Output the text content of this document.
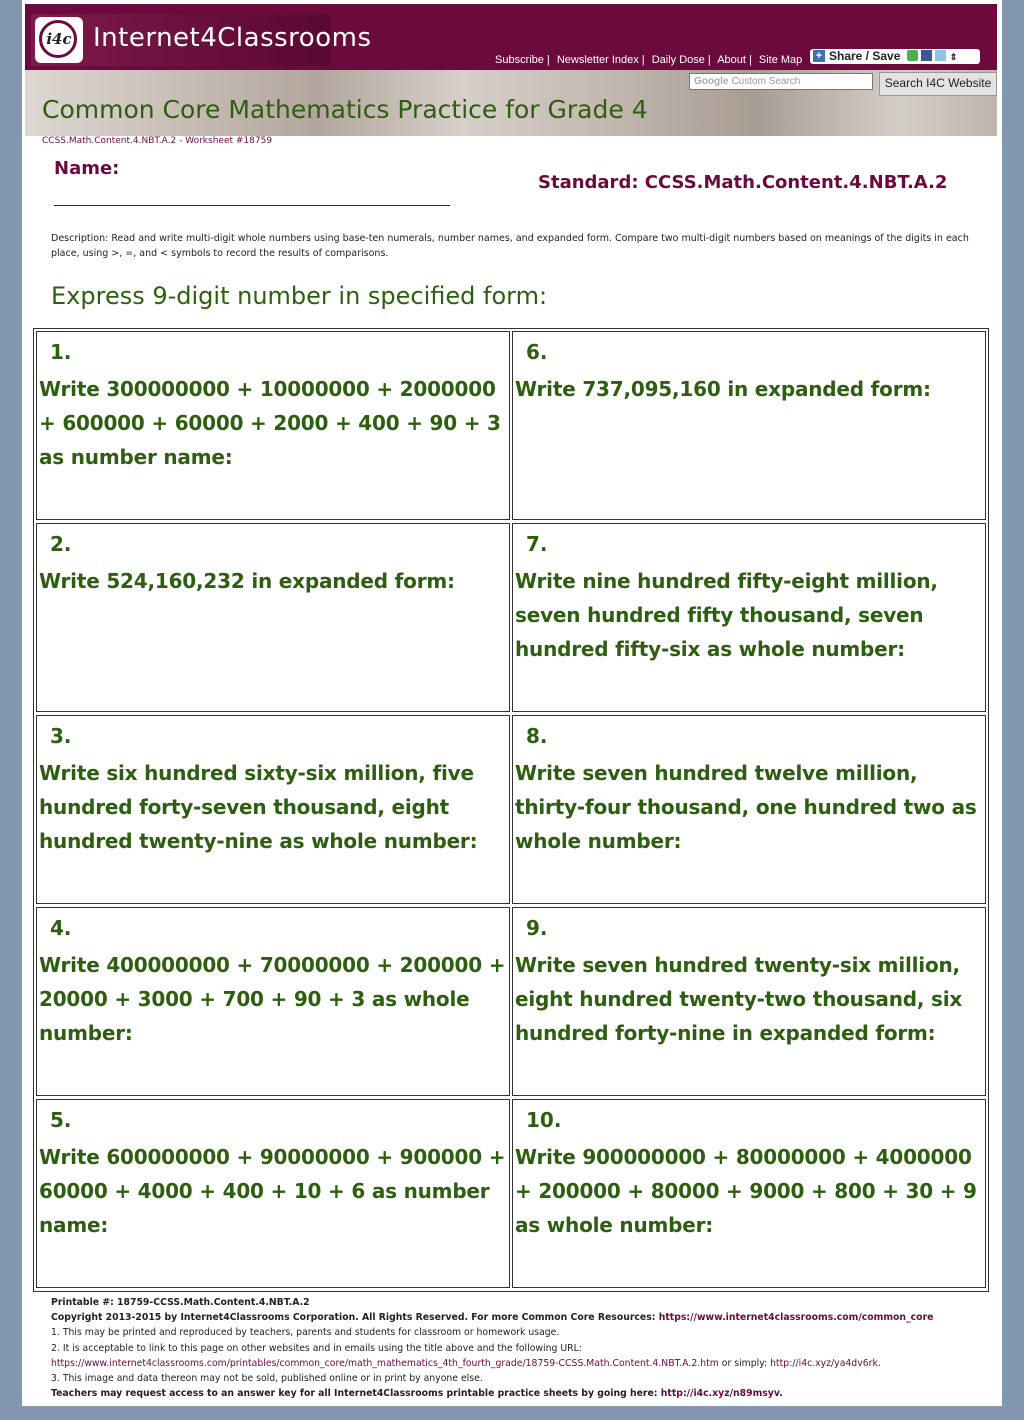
i4c Internet4Classrooms
Subscribe | Newsletter Index | Daily Dose | About | Site Map	+ Share / Save	⇕
Google Custom Search	Search I4C Website
Common Core Mathematics Practice for Grade 4
CCSS.Math.Content.4.NBT.A.2 - Worksheet #18759
Name:
Standard: CCSS.Math.Content.4.NBT.A.2
Description: Read and write multi-digit whole numbers using base-ten numerals, number names, and expanded form. Compare two multi-digit numbers based on meanings of the digits in each place, using >, =, and < symbols to record the results of comparisons.
Express 9-digit number in specified form:
1.
Write 300000000 + 10000000 + 2000000 + 600000 + 60000 + 2000 + 400 + 90 + 3 as number name:
2.
Write 524,160,232 in expanded form:
3.
Write six hundred sixty-six million, five hundred forty-seven thousand, eight hundred twenty-nine as whole number:
4.
Write 400000000 + 70000000 + 200000 + 20000 + 3000 + 700 + 90 + 3 as whole number:
5.
Write 600000000 + 90000000 + 900000 + 60000 + 4000 + 400 + 10 + 6 as number name:
6.
Write 737,095,160 in expanded form:
7.
Write nine hundred fifty-eight million, seven hundred fifty thousand, seven hundred fifty-six as whole number:
8.
Write seven hundred twelve million, thirty-four thousand, one hundred two as whole number:
9.
Write seven hundred twenty-six million, eight hundred twenty-two thousand, six hundred forty-nine in expanded form:
10.
Write 900000000 + 80000000 + 4000000 + 200000 + 80000 + 9000 + 800 + 30 + 9 as whole number:
Printable #: 18759-CCSS.Math.Content.4.NBT.A.2
Copyright 2013-2015 by Internet4Classrooms Corporation. All Rights Reserved. For more Common Core Resources: https://www.internet4classrooms.com/common_core
1. This may be printed and reproduced by teachers, parents and students for classroom or homework usage.
2. It is acceptable to link to this page on other websites and in emails using the title above and the following URL:
https://www.internet4classrooms.com/printables/common_core/math_mathematics_4th_fourth_grade/18759-CCSS.Math.Content.4.NBT.A.2.htm or simply: http://i4c.xyz/ya4dv6rk.
3. This image and data thereon may not be sold, published online or in print by anyone else.
Teachers may request access to an answer key for all Internet4Classrooms printable practice sheets by going here: http://i4c.xyz/n89msyv.
